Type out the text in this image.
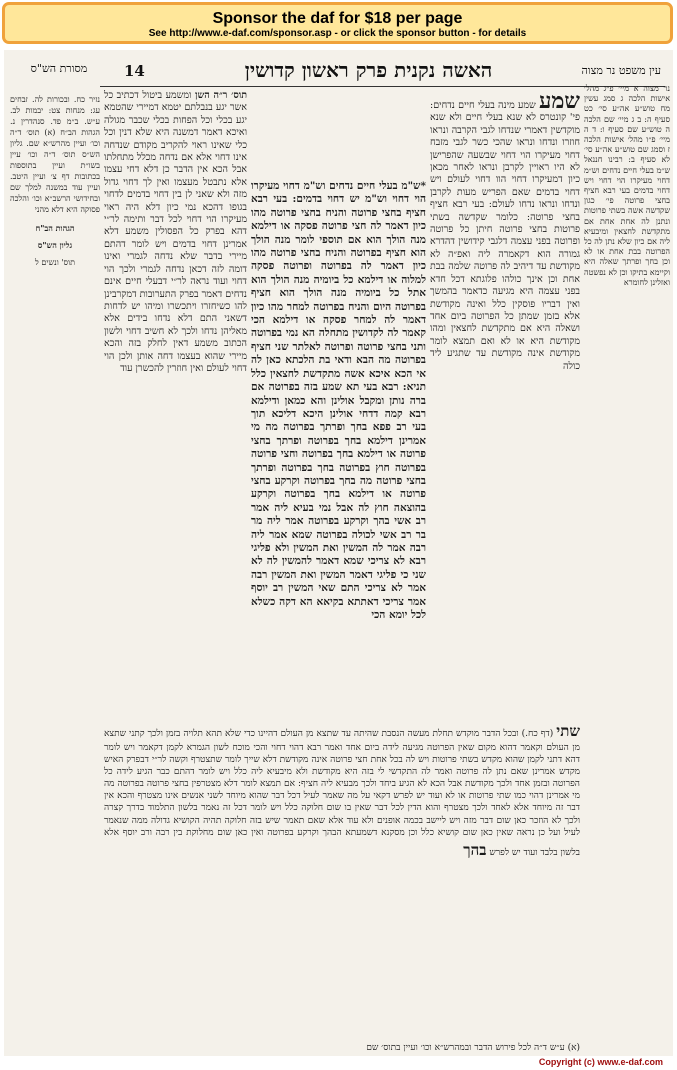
Sponsor the daf for $18 per page
See http://www.e-daf.com/sponsor.asp - or click the sponsor button - for details
האשה נקנית פרק ראשון קדושין
14
מסורת הש"ס	עין משפט נר מצוה
נר מצוה א מיי׳ פ״ג מהל׳ אישות הלכה ג סמג עשין מח טוש״ע אה״ע סי׳ כט סעיף ה: ב ג מיי׳ שם הלכה ה טוש״ע שם סעיף ו: ד ה מיי׳ פ״ו מהל׳ אישות הלכה ז וסמג שם טוש״ע אה״ע סי׳ לא סעיף ב: רבינו חננאל ש״מ בעלי חיים נדחים וש״מ דחוי מעיקרו הוי דחוי ויש דחוי בדמים בעי רבא חציף בחצי פרוטה פי׳ כגון שקדשה אשה בשתי פרוטות ונתנן לה אחת אחת אם מתקדשת לחצאין ומיבעיא ליה אם כיון שלא נתן לה כל הפרוטה בבת אחת או לא וכן בחך ופרתך שאלה היא וקיימא בתיקו וכן לא נפשטה ואזלינן לחומרא
שמע שמע מינה בעלי חיים נדחים: פי' קונטרס לא שנא בעלי חיים ולא שנא מוקדשין דאמרי שנדחו לגבי הקרבה ונראו חוזרו ונדחו ונראו שהכי כשר לגבי מזבח דחוי מעיקרו הוי דחוי שבשעה שהפרישן לא היו ראויין לקרבן ונראו לאחר מכאן כיון דמעיקרו דחוי הוו דחוי לעולם ויש דחוי בדמים שאם הפריש מעות לקרבן ונדחו ונראו נדחו לעולם: בעי רבא חציף בחצי פרוטה: כלומר שקדשה בשתי פרוטות בחצי פרוטה חיתן כל פרוטה ופרוטה בפני עצמה דלגבי קידושין דהדרא גמורה הוא דקאמרה ליה ואפ״ה לא מקודשת עד דיהיב לה פרוטה שלמה בבת אחת וכן אינך כולהו פלוגתא דכל חדא בפני עצמה היא מגיעה כדאמר בהמשך ואין דבריו פוסקין כלל ואינה מקודשת אלא בזמן שמתן כל הפרוטה ביום אחד ושאלה היא אם מתקדשת לחצאין ומהו מקודשת היא או לא ואם תמצא לומר מקודשת אינה מקודשת עד שתגיע ליד כולה
*ש"מ בעלי חיים נדחים וש"מ דחוי מעיקרו הוי דחוי וש"מ יש דחוי בדמים: בעי רבא חציף בחצי פרוטה והניח בחצי פרוטה מהו כיון דאמר לה חצי פרוטה פסקה או דילמא מנה הולך הוא אם תוספי לומר מנה הולך הוא חציף בפרוטה והניח בחצי פרוטה מהו כיון דאמר לה בפרוטה ופרוטה פסקה למלוה או דילמא כל ביומיה מנה הולך הוא אתל כל ביומיה מנה הולך הוא חציף בפרוטה היום והניח בפרוטה למחר מהו כיון דאמר לה למחר פסקה או דילמא הכי קאמר לה לקדושין מתחלה הא נמי בפרוטה ותני בחצי פרוטה ופרוטה לאלתר שני חציף בפרוטה מה הבא ודאי בת הלכתא כאן לה אי הכא איכא אשה מתקדשת לחצאין כלל תניא: רבא בעי תא שמע בזה בפרוטה אם ברה נותן ומקבל אולינן והא כמאן ודילמא רבא קמה דדחי אולינן היכא דליכא תוך בעי רב פפא בחך ופרתך בפרוטה מה מי אמרינן דילמא בחך בפרוטה ופרתך בחצי פרוטה או דילמא בחך בפרוטה וחצי פרוטה בפרוטה חוץ בפרוטה בחך בפרוטה ופרתך בחצי פרוטה מה בחך בפרוטה וקרקע בחצי פרוטה או דילמא בחך בפרוטה וקרקע בהוצאה חוץ לה אבל נמי בעיא ליה אמר רב אשי בהך וקרקע בפרוטה אמר ליה מר בר רב אשי לכולה בפרוטה שמא אמר ליה רבה אמר לה המשין ואת המשין ולא פליגי רבא לא צריכי שמא דאמר להמשין לה לא שני כי פליגי דאמר המשין ואת המשין רבה אמר לא צריכי התם שאי המשין רב יוסף אמר צריכי דאתתא בקיאא הא דקה כשלא לכל יומא הכי
תוס׳ ר״ה השן ומשמע ביטול דכתיב כל אשר יגע בנבלתם יטמא דמיירי שהטמא יגע בכלי וכל הפחות בכלי שכבר מגולה ואיכא דאמר דמשנה היא שלא דנין וכל כלי שאינו ראוי להקריב מקודם שנדחה אינו דחוי אלא אם נדחה מכלל מתחלתו אבל הכא אין הדבר כן דלא דחי עצמו אלא נתבטל מעצמו ואין לך דחוי גדול מזה ולא שאני לן בין דחוי בדמים לדחוי בגופו דהכא נמי כיון דלא היה ראוי מעיקרו הוי דחוי לכל דבר ותימה לר״י דהא בפרק כל הפסולין משמע דלא אמרינן דחוי בדמים ויש לומר דהתם מיירי בדבר שלא נדחה לגמרי ואינו דומה לזה דכאן נדחה לגמרי ולכך הוי דחוי ועוד נראה לר״י דבעלי חיים אינם נדחים דאמר בפרק התערובות דמקרבינן להו כשיחזרו ויתכשרו ומיהו יש לדחות דשאני התם דלא נדחו בידים אלא מאליהן נדחו ולכך לא חשיב דחוי ולשון הכתוב משמע דאין לחלק בזה והכא מיירי שהוא בעצמו דחה אותן ולכן הוי דחוי לעולם ואין חוזרין להכשרן עוד
שתי (דף כח.) ובכל הדבר מוקדש תחלת מעשה הנסבת שהיתה עד שתצא מן העולם דהיינו כדי שלא תהא תלויה בזמן ולכך קתני שתצא מן העולם וקאמר דהוא מקום שאין הפרוטה מגיעה לידה ביום אחד ואמר רבא דהוי דחוי והכי מוכח לשון הגמרא לקמן דקאמר ויש לומר דהא דתני לקמן שהוא מקדש בשתי פרוטות ויש לה בכל אחת חצי פרוטה אינה מקודשת דלא שייך לומר שתצטרף וקשה לר״י דבפרק האיש מקדש אמרינן שאם נתן לה פרוטה ואמר לה התקדשי לי בזה היא מקודשת ולא מיבעיא ליה כלל ויש לומר דהתם כבר הגיע לידה כל הפרוטה ובזמן אחד ולכך מקודשת אבל הכא לא הגיע ביחד ולכך מבעיא ליה חציף: אם תמצא לומר דלא מצטרפין בחצי פרוטה בפרוטה מה מי אמרינן דהוי כמו שתי פרוטות או לא ועוד יש לפרש דקאי על מה שאמר לעיל דכל דבר שהוא מיוחד לשני אנשים אינו מצטרף והכא אין דבר זה מיוחד אלא לאחד ולכך מצטרף והוא הדין לכל דבר שאין בו שום חלוקה כלל ויש לומר דכל זה נאמר בלשון התלמוד בדרך קצרה ולכך לא הוזכר כאן שום דבר מזה ויש ליישב בכמה אופנים ולא עוד אלא שאם תאמר שיש בזה חלוקה תהיה הקושיא גדולה ממה שנאמר לעיל ועל כן נראה שאין כאן שום קושיא כלל וכן מסקנא דשמעתא הבהך וקרקע בפרוטה ואין כאן שום מחלוקת בין רבה ורב יוסף אלא בלשון בלבד ועוד יש לפרש בהך
נזיר כח. ובכורות לה. זבחים עג: מנחות צט: יבמות לב. ע״ש. ב״מ פד. סנהדרין נ. הגהות הב״ח (א) תוס׳ ד״ה וכו׳ ועיין מהרש״א שם. גליון הש״ס תוס׳ ד״ה וכו׳ עיין בשו״ת ועיין בתוספות בכתובות דף צ׳ ועיין היטב. ועיין עוד במשנה למלך שם ובחידושי הרשב״א וכו׳ והלכה פסוקה היא דלא מהני
הגהות הב"ח
גליון הש"ס
תוס' ונשים ל
(א) ע״ש ד״ה לכל פירוש הדבר ובמהרש״א וכו׳ ועיין בתוס׳ שם
Copyright (c) www.e-daf.com
